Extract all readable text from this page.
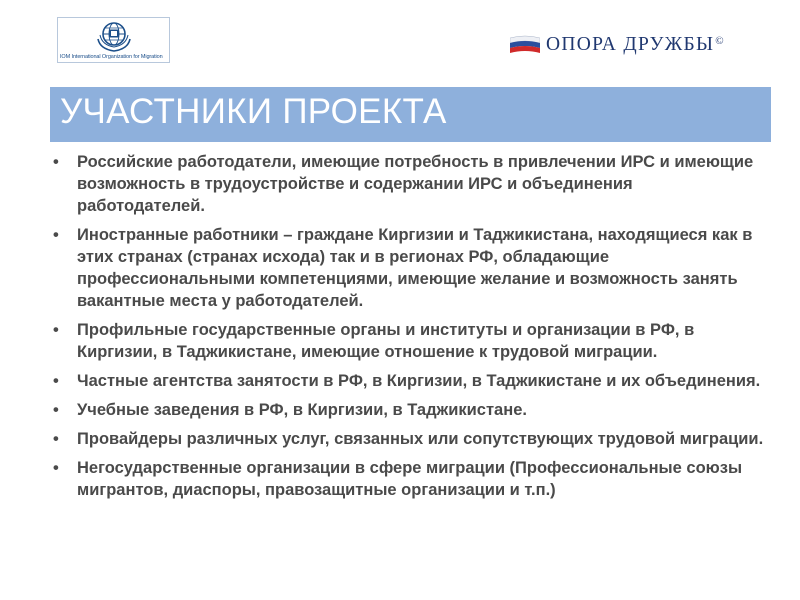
IOM International Organization for Migration
ОПОРА ДРУЖБЫ©
УЧАСТНИКИ ПРОЕКТА
•	Российские работодатели, имеющие потребность в привлечении ИРС и имеющие возможность в трудоустройстве и содержании ИРС и объединения работодателей.
•	Иностранные работники – граждане Киргизии и Таджикистана, находящиеся как в этих странах (странах исхода) так и в регионах РФ, обладающие профессиональными компетенциями, имеющие желание и возможность занять вакантные места у работодателей.
•	Профильные государственные органы и институты и организации в РФ, в Киргизии, в Таджикистане, имеющие отношение к трудовой миграции.
•	Частные агентства занятости в РФ, в Киргизии, в Таджикистане и их объединения.
•	Учебные заведения в РФ, в Киргизии, в Таджикистане.
•	Провайдеры различных услуг, связанных или сопутствующих трудовой миграции.
•	Негосударственные организации в сфере миграции (Профессиональные союзы мигрантов, диаспоры, правозащитные организации и т.п.)
